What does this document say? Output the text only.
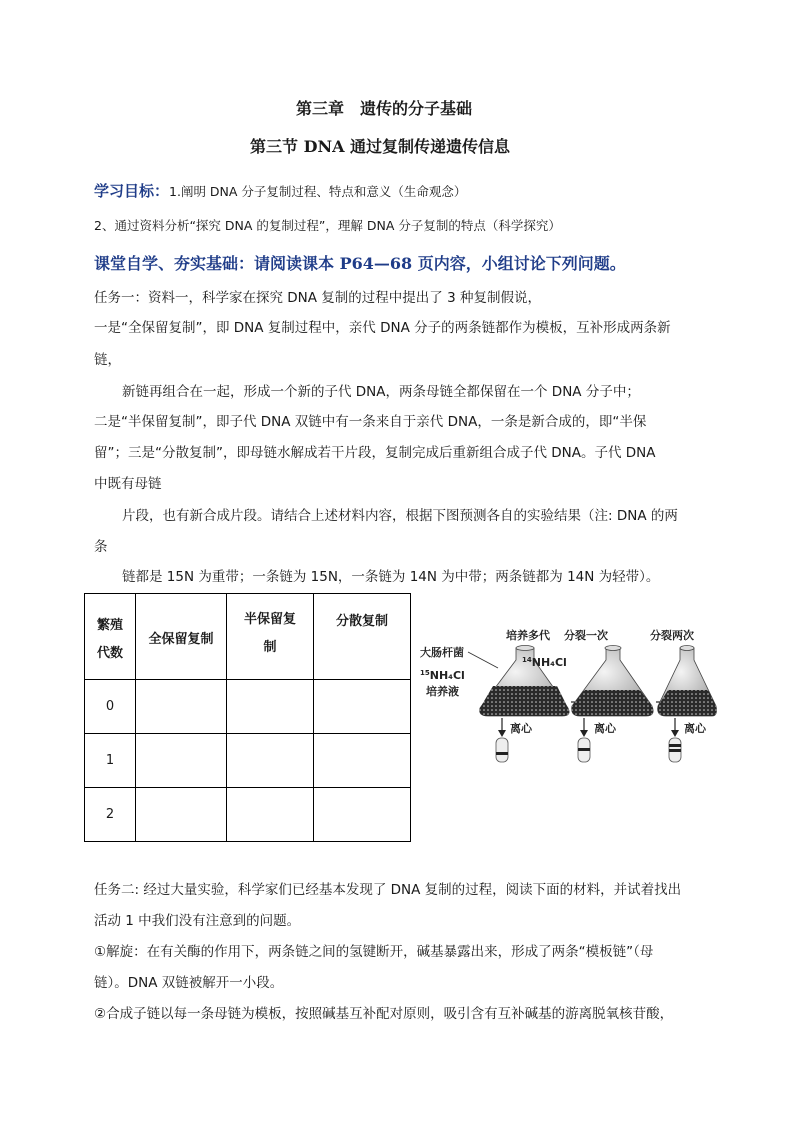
第三章　遗传的分子基础
第三节 DNA 通过复制传递遗传信息
学习目标：1.阐明 DNA 分子复制过程、特点和意义（生命观念）
2、通过资料分析“探究 DNA 的复制过程”，理解 DNA 分子复制的特点（科学探究）
课堂自学、夯实基础：请阅读课本 P64—68 页内容，小组讨论下列问题。
任务一：资料一，科学家在探究 DNA 复制的过程中提出了 3 种复制假说，
一是“全保留复制”，即 DNA 复制过程中，亲代 DNA 分子的两条链都作为模板，互补形成两条新
链，
新链再组合在一起，形成一个新的子代 DNA，两条母链全都保留在一个 DNA 分子中；
二是“半保留复制”，即子代 DNA 双链中有一条来自于亲代 DNA，一条是新合成的，即“半保
留”；三是“分散复制”，即母链水解成若干片段，复制完成后重新组合成子代 DNA。子代 DNA
中既有母链
片段，也有新合成片段。请结合上述材料内容，根据下图预测各自的实验结果（注: DNA 的两
条
链都是 15N 为重带；一条链为 15N，一条链为 14N 为中带；两条链都为 14N 为轻带）。
繁殖代数	全保留复制	半保留复制	分散复制

0			
1			
2			
培养多代 分裂一次	分裂两次
大肠杆菌
$^{15}$NH₄Cl
培养液
$^{14}$NH₄Cl
离心	离心	离心
任务二: 经过大量实验，科学家们已经基本发现了 DNA 复制的过程，阅读下面的材料，并试着找出
活动 1 中我们没有注意到的问题。
①解旋：在有关酶的作用下，两条链之间的氢键断开，碱基暴露出来，形成了两条“模板链”（母
链）。DNA 双链被解开一小段。
②合成子链以每一条母链为模板，按照碱基互补配对原则，吸引含有互补碱基的游离脱氧核苷酸，
